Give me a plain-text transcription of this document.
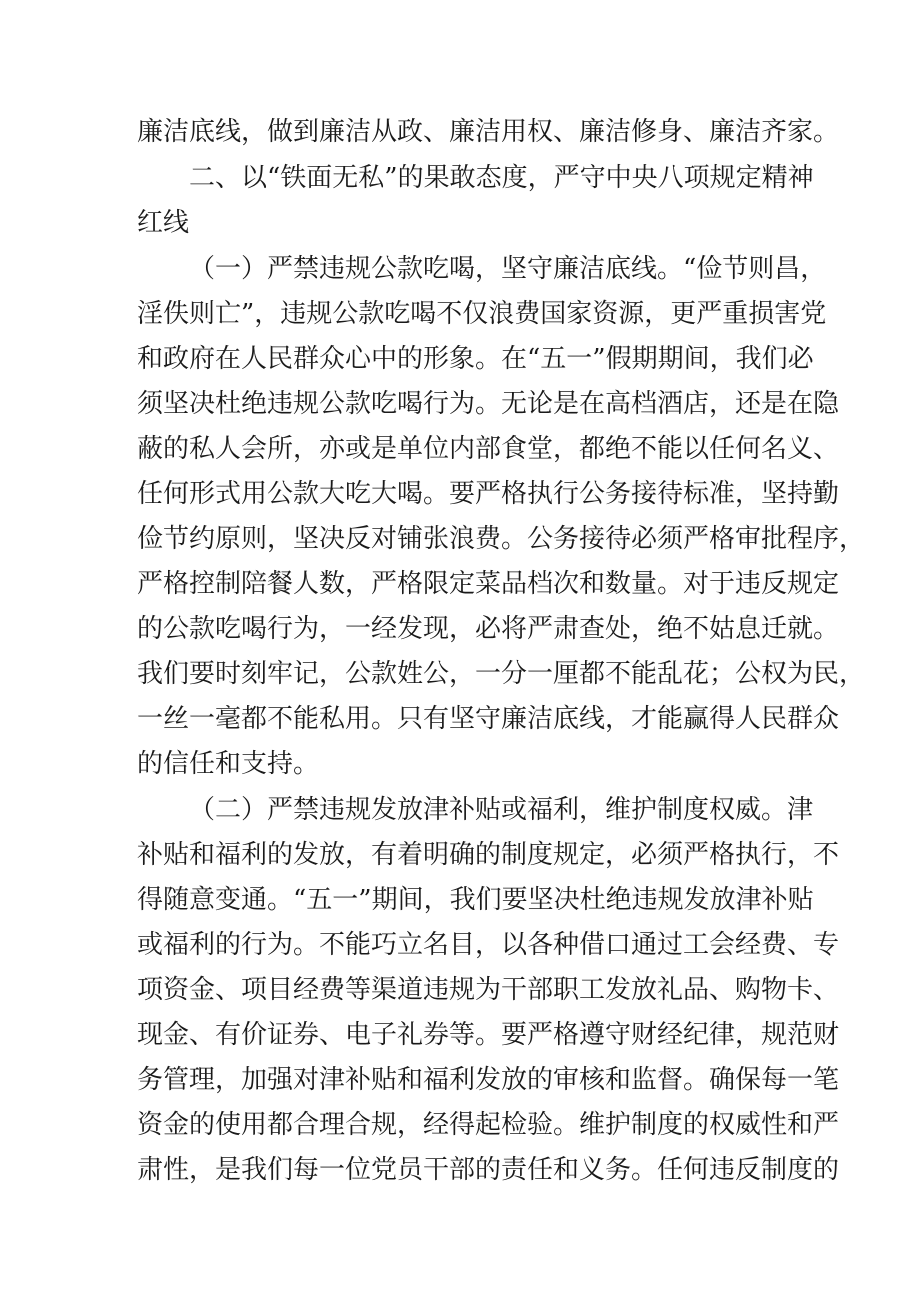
廉洁底线，做到廉洁从政、廉洁用权、廉洁修身、廉洁齐家。
二、以“铁面无私”的果敢态度，严守中央八项规定精神
红线
（一）严禁违规公款吃喝，坚守廉洁底线。“俭节则昌，
淫佚则亡”，违规公款吃喝不仅浪费国家资源，更严重损害党
和政府在人民群众心中的形象。在“五一”假期期间，我们必
须坚决杜绝违规公款吃喝行为。无论是在高档酒店，还是在隐
蔽的私人会所，亦或是单位内部食堂，都绝不能以任何名义、
任何形式用公款大吃大喝。要严格执行公务接待标准，坚持勤
俭节约原则，坚决反对铺张浪费。公务接待必须严格审批程序，
严格控制陪餐人数，严格限定菜品档次和数量。对于违反规定
的公款吃喝行为，一经发现，必将严肃查处，绝不姑息迁就。
我们要时刻牢记，公款姓公，一分一厘都不能乱花；公权为民，
一丝一毫都不能私用。只有坚守廉洁底线，才能赢得人民群众
的信任和支持。
（二）严禁违规发放津补贴或福利，维护制度权威。津
补贴和福利的发放，有着明确的制度规定，必须严格执行，不
得随意变通。“五一”期间，我们要坚决杜绝违规发放津补贴
或福利的行为。不能巧立名目，以各种借口通过工会经费、专
项资金、项目经费等渠道违规为干部职工发放礼品、购物卡、
现金、有价证券、电子礼券等。要严格遵守财经纪律，规范财
务管理，加强对津补贴和福利发放的审核和监督。确保每一笔
资金的使用都合理合规，经得起检验。维护制度的权威性和严
肃性，是我们每一位党员干部的责任和义务。任何违反制度的
